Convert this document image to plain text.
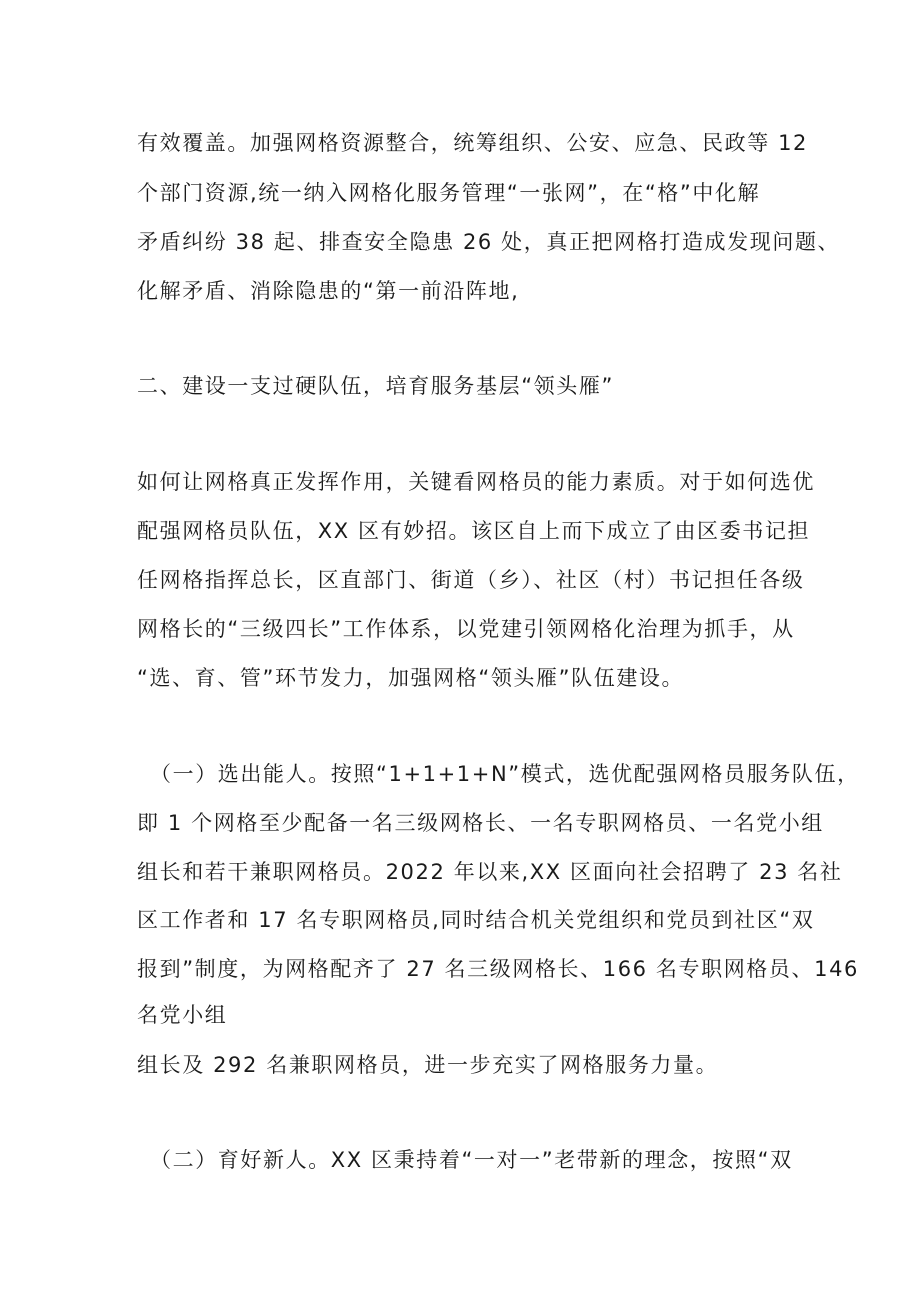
有效覆盖。加强网格资源整合，统筹组织、公安、应急、民政等 12
个部门资源,统一纳入网格化服务管理“一张网”，在“格”中化解
矛盾纠纷 38 起、排查安全隐患 26 处，真正把网格打造成发现问题、
化解矛盾、消除隐患的“第一前沿阵地,
二、建设一支过硬队伍，培育服务基层“领头雁”
如何让网格真正发挥作用，关键看网格员的能力素质。对于如何选优
配强网格员队伍，XX 区有妙招。该区自上而下成立了由区委书记担
任网格指挥总长，区直部门、街道（乡）、社区（村）书记担任各级
网格长的“三级四长”工作体系，以党建引领网格化治理为抓手，从
“选、育、管”环节发力，加强网格“领头雁”队伍建设。
（一）选出能人。按照“1+1+1+N”模式，选优配强网格员服务队伍，
即 1 个网格至少配备一名三级网格长、一名专职网格员、一名党小组
组长和若干兼职网格员。2022 年以来,XX 区面向社会招聘了 23 名社
区工作者和 17 名专职网格员,同时结合机关党组织和党员到社区“双
报到”制度，为网格配齐了 27 名三级网格长、166 名专职网格员、146
名党小组
组长及 292 名兼职网格员，进一步充实了网格服务力量。
（二）育好新人。XX 区秉持着“一对一”老带新的理念，按照“双
